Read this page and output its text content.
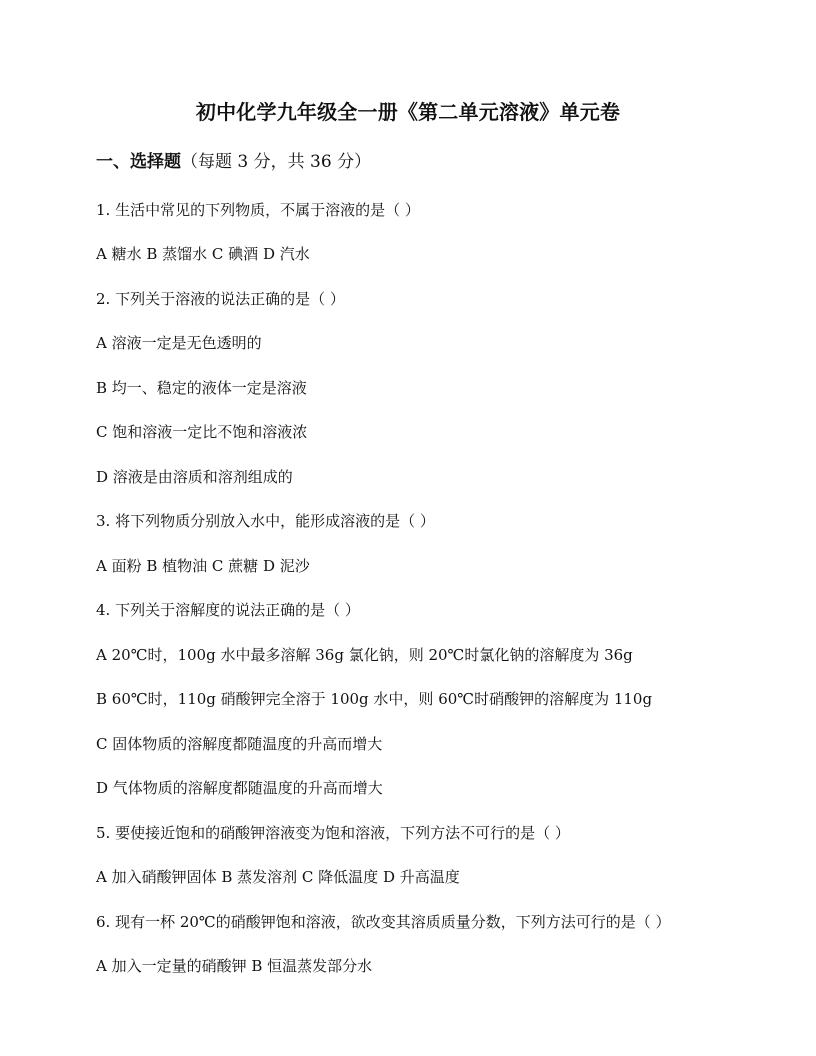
初中化学九年级全一册《第二单元溶液》单元卷
一、选择题（每题 3 分，共 36 分）
1. 生活中常见的下列物质，不属于溶液的是（ ）
A 糖水 B 蒸馏水 C 碘酒 D 汽水
2. 下列关于溶液的说法正确的是（ ）
A 溶液一定是无色透明的
B 均一、稳定的液体一定是溶液
C 饱和溶液一定比不饱和溶液浓
D 溶液是由溶质和溶剂组成的
3. 将下列物质分别放入水中，能形成溶液的是（ ）
A 面粉 B 植物油 C 蔗糖 D 泥沙
4. 下列关于溶解度的说法正确的是（ ）
A 20℃时，100g 水中最多溶解 36g 氯化钠，则 20℃时氯化钠的溶解度为 36g
B 60℃时，110g 硝酸钾完全溶于 100g 水中，则 60℃时硝酸钾的溶解度为 110g
C 固体物质的溶解度都随温度的升高而增大
D 气体物质的溶解度都随温度的升高而增大
5. 要使接近饱和的硝酸钾溶液变为饱和溶液，下列方法不可行的是（ ）
A 加入硝酸钾固体 B 蒸发溶剂 C 降低温度 D 升高温度
6. 现有一杯 20℃的硝酸钾饱和溶液，欲改变其溶质质量分数，下列方法可行的是（ ）
A 加入一定量的硝酸钾 B 恒温蒸发部分水
